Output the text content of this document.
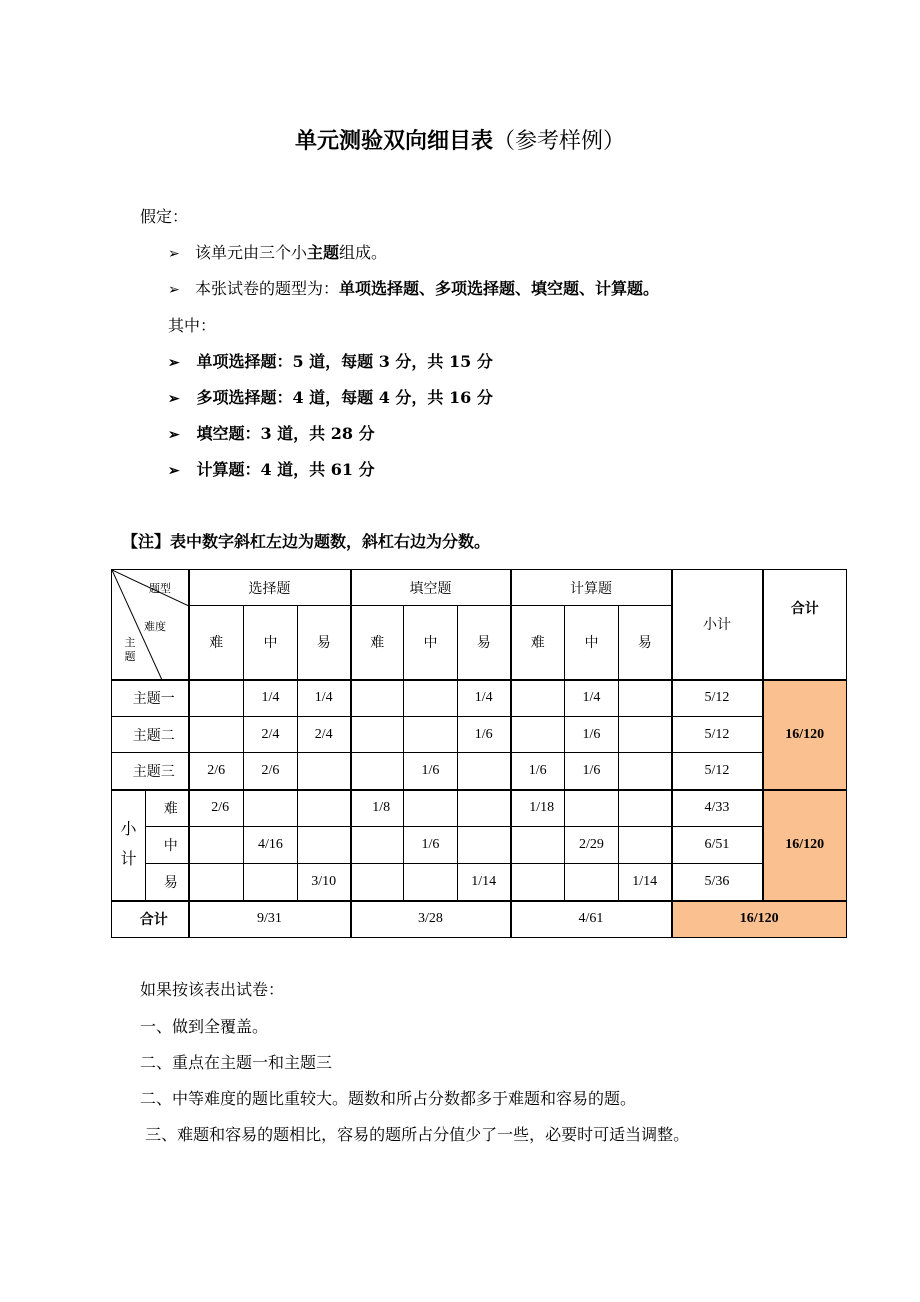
单元测验双向细目表（参考样例）
假定：
➢ 该单元由三个小主题组成。
➢ 本张试卷的题型为：单项选择题、多项选择题、填空题、计算题。
其中：
➢ 单项选择题：5 道，每题 3 分，共 15 分
➢ 多项选择题：4 道，每题 4 分，共 16 分
➢ 填空题：3 道，共 28 分
➢ 计算题：4 道，共 61 分
【注】表中数字斜杠左边为题数，斜杠右边为分数。
题型
难度
主题		选择题			填空题			计算题			小计	合计
		难	中	易	难	中	易	难	中	易		
主题一			1/4	1/4			1/4		1/4		5/12	16/120
主题二			2/4	2/4			1/6		1/6		5/12	
主题三		2/6	2/6			1/6		1/6	1/6		5/12	
小计	难	2/6			1/8			1/18			4/33	16/120
	中		4/16			1/6			2/29		6/51	
	易			3/10			1/14			1/14	5/36	
合计		9/31			3/28			4/61			16/120	
如果按该表出试卷：
一、做到全覆盖。
二、重点在主题一和主题三
二、中等难度的题比重较大。题数和所占分数都多于难题和容易的题。
三、难题和容易的题相比，容易的题所占分值少了一些，必要时可适当调整。
